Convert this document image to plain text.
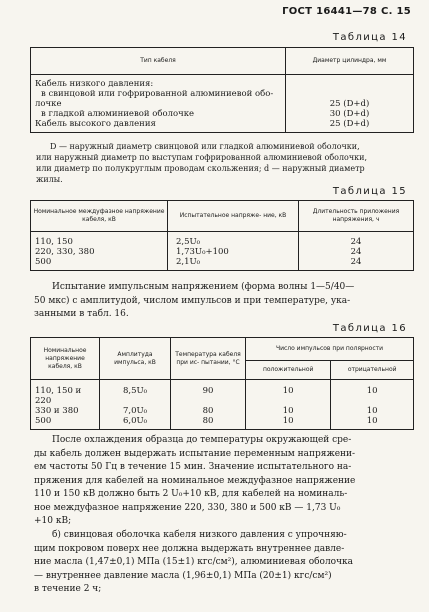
ГОСТ 16441—78 С. 15
Таблица 14
Тип кабеля	Диаметр цилиндра, мм
Кабель низкого давления:	
в свинцовой или гофрированной алюминиевой обо-	
лочке	25 (D+d)
в гладкой алюминиевой оболочке	30 (D+d)
Кабель высокого давления	25 (D+d)
D — наружный диаметр свинцовой или гладкой алюминиевой оболочки,
или наружный диаметр по выступам гофрированной алюминиевой оболочки,
или диаметр по полукруглым проводам скольжения; d — наружный диаметр
жилы.
Таблица 15
Номинальное междуфазное напряжение кабеля, кВ	Испытательное напряже- ние, кВ	Длительность приложения напряжения, ч
110, 150	2,5U₀	24
220, 330, 380	1,73U₀+100	24
500	2,1U₀	24
Испытание импульсным напряжением (форма волны 1—5/40—
50 мкс) с амплитудой, числом импульсов и при температуре, ука-
занными в табл. 16.
Таблица 16
Номинальное напряжение кабеля, кВ	Амплитуда импульса, кВ	Температура кабеля при ис- пытании, °С	Число импульсов при полярности	
			положительной	отрицательной
110, 150 и 220	8,5U₀	90	10	10
330 и 380	7,0U₀	80	10	10
500	6,0U₀	80	10	10
После охлаждения образца до температуры окружающей сре-
ды кабель должен выдержать испытание переменным напряжени-
ем частоты 50 Гц в течение 15 мин. Значение испытательного на-
пряжения для кабелей на номинальное междуфазное напряжение
110 и 150 кВ должно быть 2 U₀+10 кВ, для кабелей на номиналь-
ное междуфазное напряжение 220, 330, 380 и 500 кВ — 1,73 U₀
+10 кВ;
б) свинцовая оболочка кабеля низкого давления с упрочняю-
щим покровом поверх нее должна выдержать внутреннее давле-
ние масла (1,47±0,1) МПа (15±1) кгс/см²), алюминиевая оболочка
— внутреннее давление масла (1,96±0,1) МПа (20±1) кгс/см²)
в течение 2 ч;
